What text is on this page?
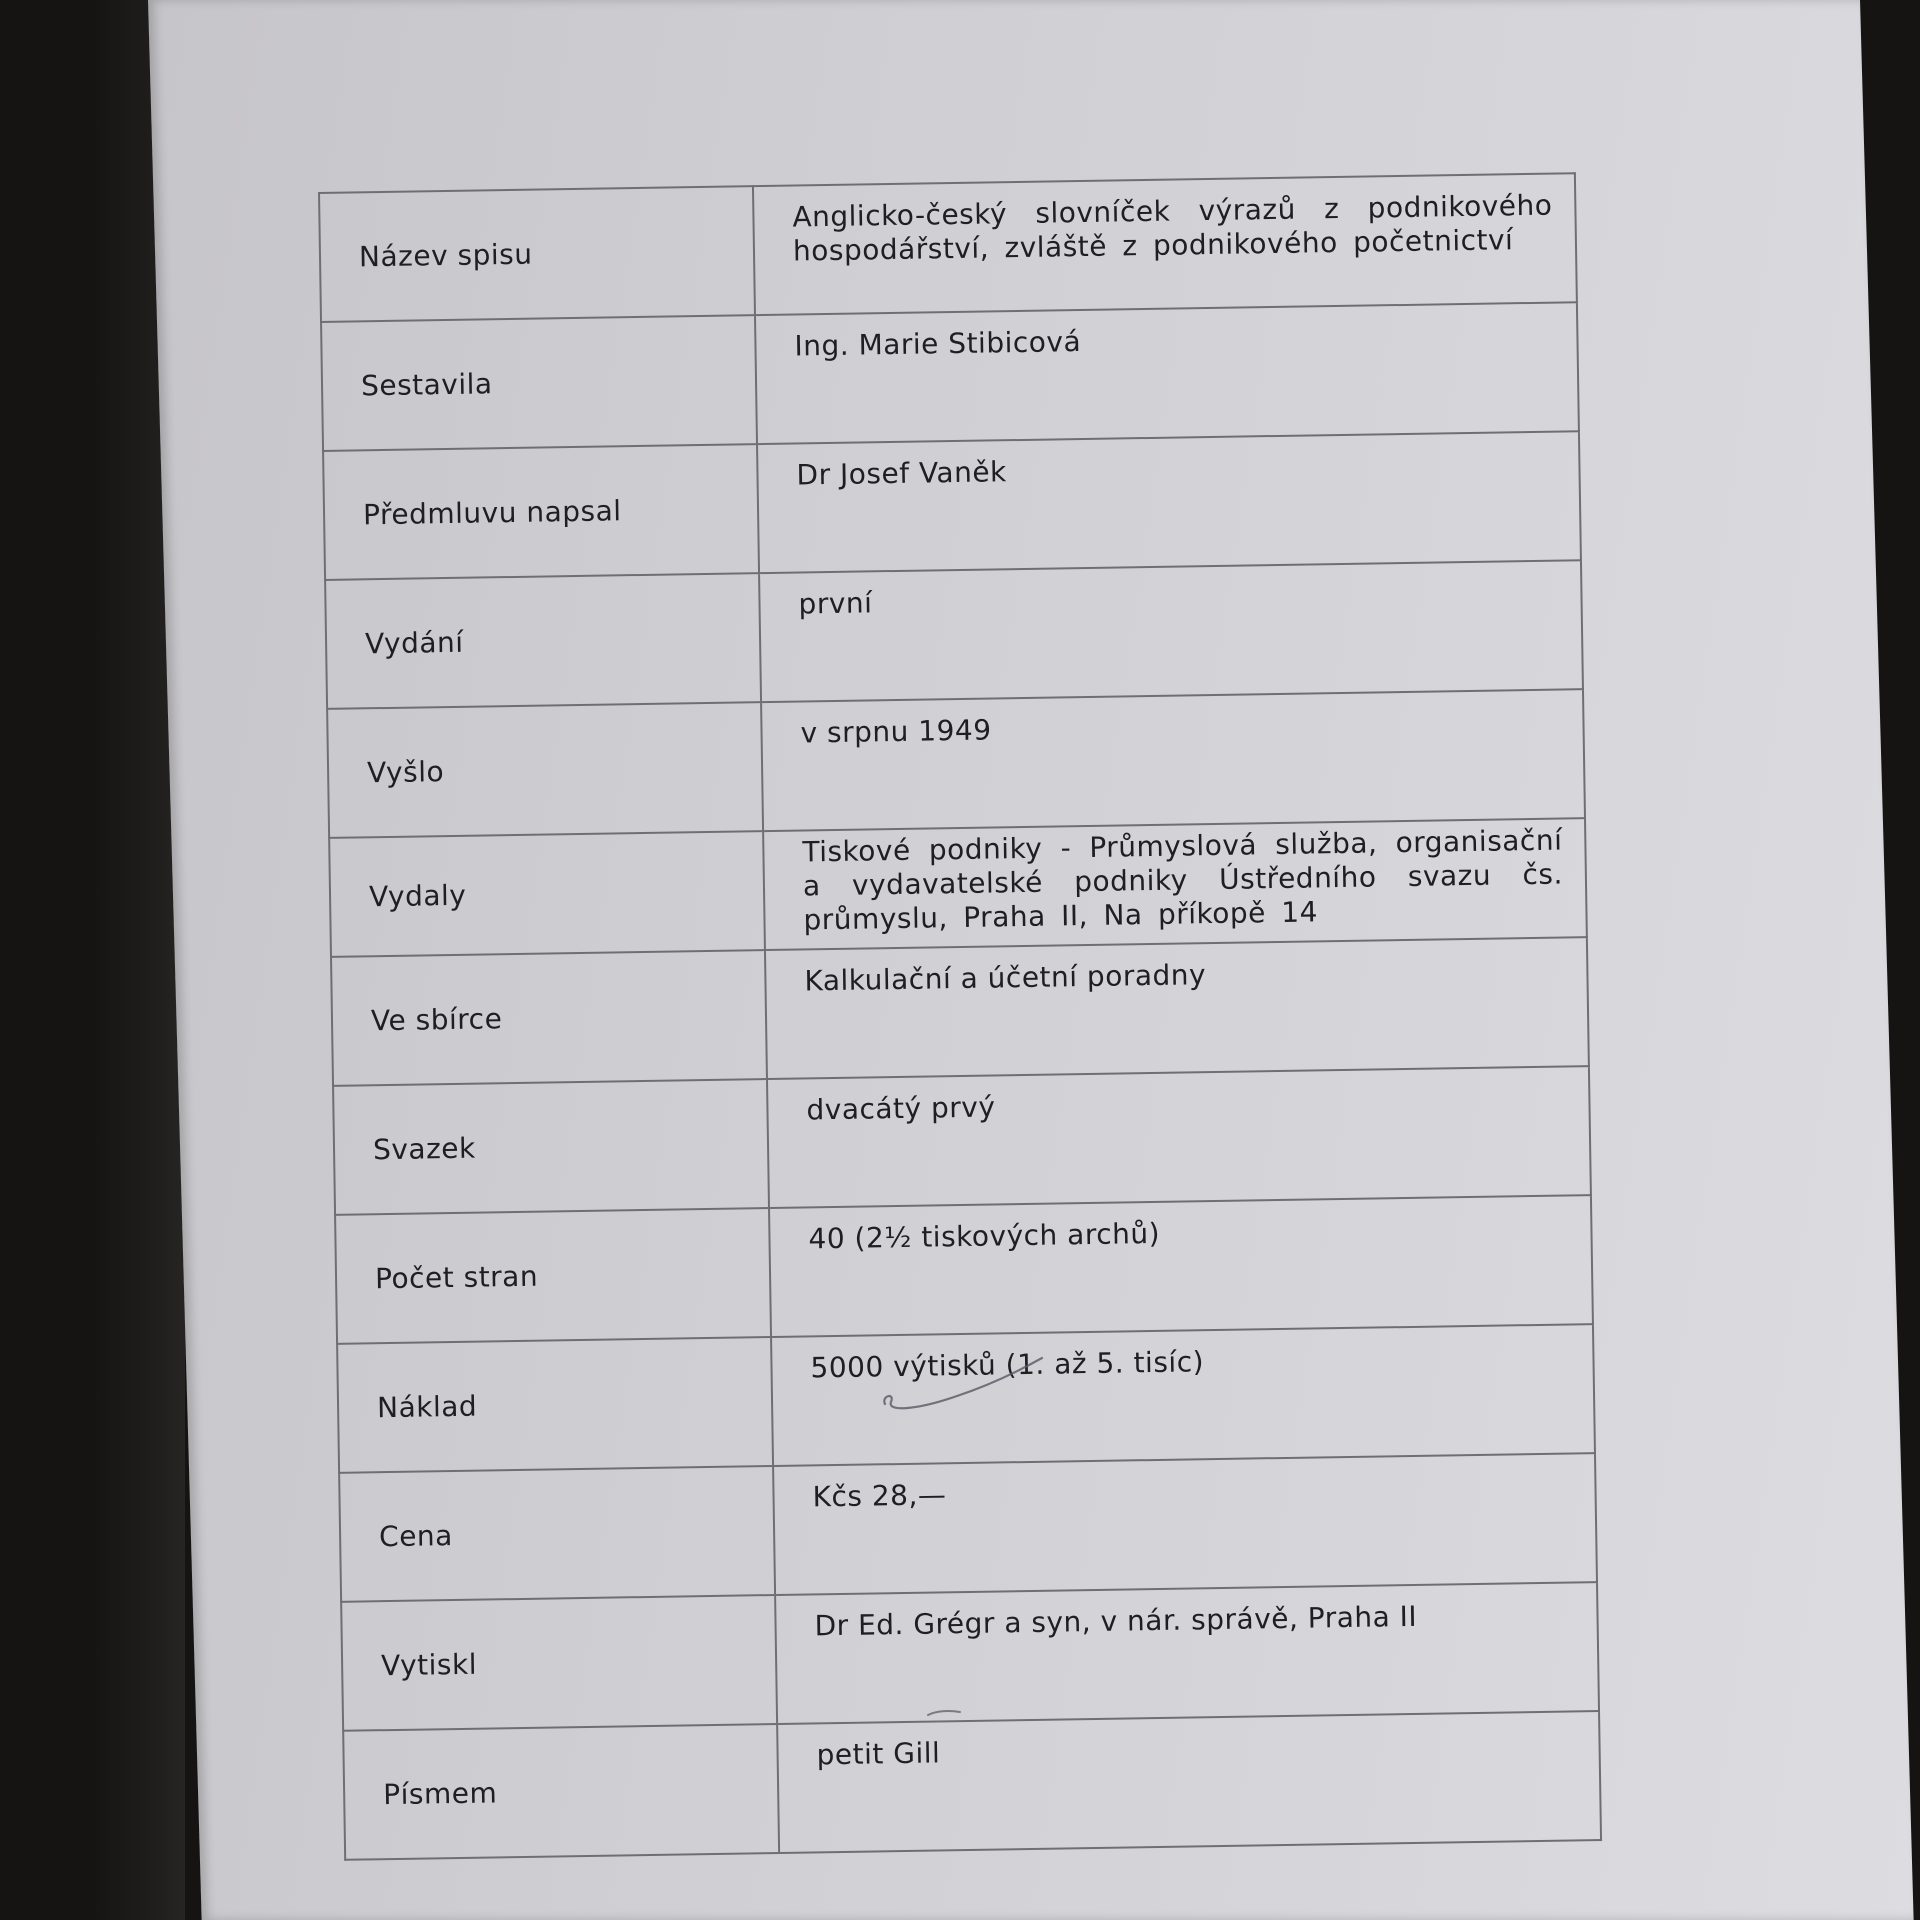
Název spisu	Anglicko-český slovníček výrazů z podnikového hospodářství, zvláště z podnikového početnictví
Sestavila	Ing. Marie Stibicová
Předmluvu napsal	Dr Josef Vaněk
Vydání	první
Vyšlo	v srpnu 1949
Vydaly	Tiskové podniky - Průmyslová služba, organisační a vydavatelské podniky Ústředního svazu čs. průmyslu, Praha II, Na příkopě 14
Ve sbírce	Kalkulační a účetní poradny
Svazek	dvacátý prvý
Počet stran	40 (2½ tiskových archů)
Náklad	5000 výtisků (1. až 5. tisíc)
Cena	Kčs 28,—
Vytiskl	Dr Ed. Grégr a syn, v nár. správě, Praha II
Písmem	petit Gill
